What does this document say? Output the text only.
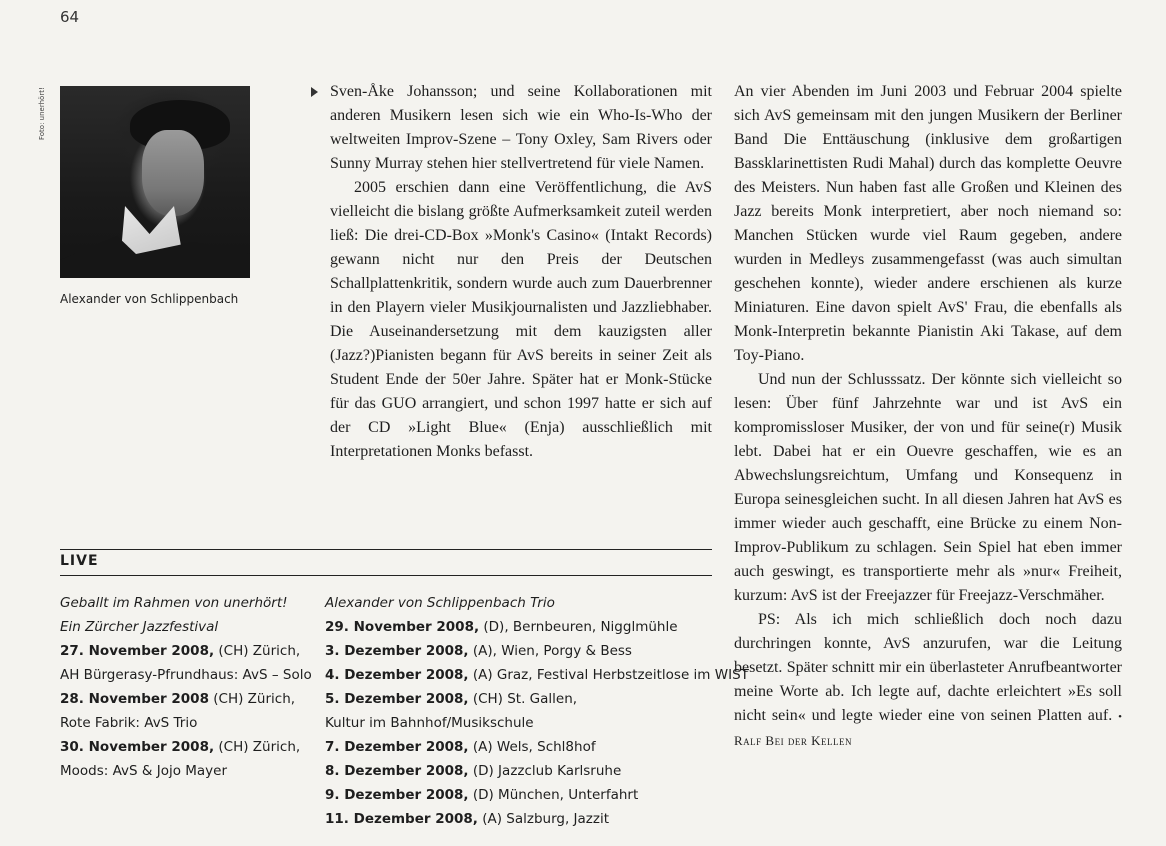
64
Foto: unerhört!
Alexander von Schlippenbach

Sven-Åke Johansson; und seine Kollaborationen mit anderen Musikern lesen sich wie ein Who-Is-Who der weltweiten Improv-Szene – Tony Oxley, Sam Rivers oder Sunny Murray stehen hier stellvertretend für viele Namen.

2005 erschien dann eine Veröffentlichung, die AvS vielleicht die bislang größte Aufmerksamkeit zuteil werden ließ: Die drei-CD-Box »Monk's Casino« (Intakt Records) gewann nicht nur den Preis der Deutschen Schallplattenkritik, sondern wurde auch zum Dauerbrenner in den Playern vieler Musikjournalisten und Jazzliebhaber. Die Auseinandersetzung mit dem kauzigsten aller (Jazz?)Pianisten begann für AvS bereits in seiner Zeit als Student Ende der 50er Jahre. Später hat er Monk-Stücke für das GUO arrangiert, und schon 1997 hatte er sich auf der CD »Light Blue« (Enja) ausschließlich mit Interpretationen Monks befasst.

An vier Abenden im Juni 2003 und Februar 2004 spielte sich AvS gemeinsam mit den jungen Musikern der Berliner Band Die Enttäuschung (inklusive dem großartigen Bassklarinettisten Rudi Mahal) durch das komplette Oeuvre des Meisters. Nun haben fast alle Großen und Kleinen des Jazz bereits Monk interpretiert, aber noch niemand so: Manchen Stücken wurde viel Raum gegeben, andere wurden in Medleys zusammengefasst (was auch simultan geschehen konnte), wieder andere erschienen als kurze Miniaturen. Eine davon spielt AvS' Frau, die ebenfalls als Monk-Interpretin bekannte Pianistin Aki Takase, auf dem Toy-Piano.

Und nun der Schlusssatz. Der könnte sich vielleicht so lesen: Über fünf Jahrzehnte war und ist AvS ein kompromissloser Musiker, der von und für seine(r) Musik lebt. Dabei hat er ein Ouevre geschaffen, wie es an Abwechslungsreichtum, Umfang und Konsequenz in Europa seinesgleichen sucht. In all diesen Jahren hat AvS es immer wieder auch geschafft, eine Brücke zu einem Non-Improv-Publikum zu schlagen. Sein Spiel hat eben immer auch geswingt, es transportierte mehr als »nur« Freiheit, kurzum: AvS ist der Freejazzer für Freejazz-Verschmäher.

PS: Als ich mich schließlich doch noch dazu durchringen konnte, AvS anzurufen, war die Leitung besetzt. Später schnitt mir ein überlasteter Anrufbeantworter meine Worte ab. Ich legte auf, dachte erleichtert »Es soll nicht sein« und legte wieder eine von seinen Platten auf. • Ralf Bei der Kellen

LIVE
Geballt im Rahmen von unerhört!
Ein Zürcher Jazzfestival
27. November 2008, (CH) Zürich,
AH Bürgerasy-Pfrundhaus: AvS – Solo
28. November 2008 (CH) Zürich,
Rote Fabrik: AvS Trio
30. November 2008, (CH) Zürich,
Moods: AvS & Jojo Mayer
Alexander von Schlippenbach Trio
29. November 2008, (D), Bernbeuren, Nigglmühle
3. Dezember 2008, (A), Wien, Porgy & Bess
4. Dezember 2008, (A) Graz, Festival Herbstzeitlose im WIST
5. Dezember 2008, (CH) St. Gallen,
Kultur im Bahnhof/Musikschule
7. Dezember 2008, (A) Wels, Schl8hof
8. Dezember 2008, (D) Jazzclub Karlsruhe
9. Dezember 2008, (D) München, Unterfahrt
11. Dezember 2008, (A) Salzburg, Jazzit
